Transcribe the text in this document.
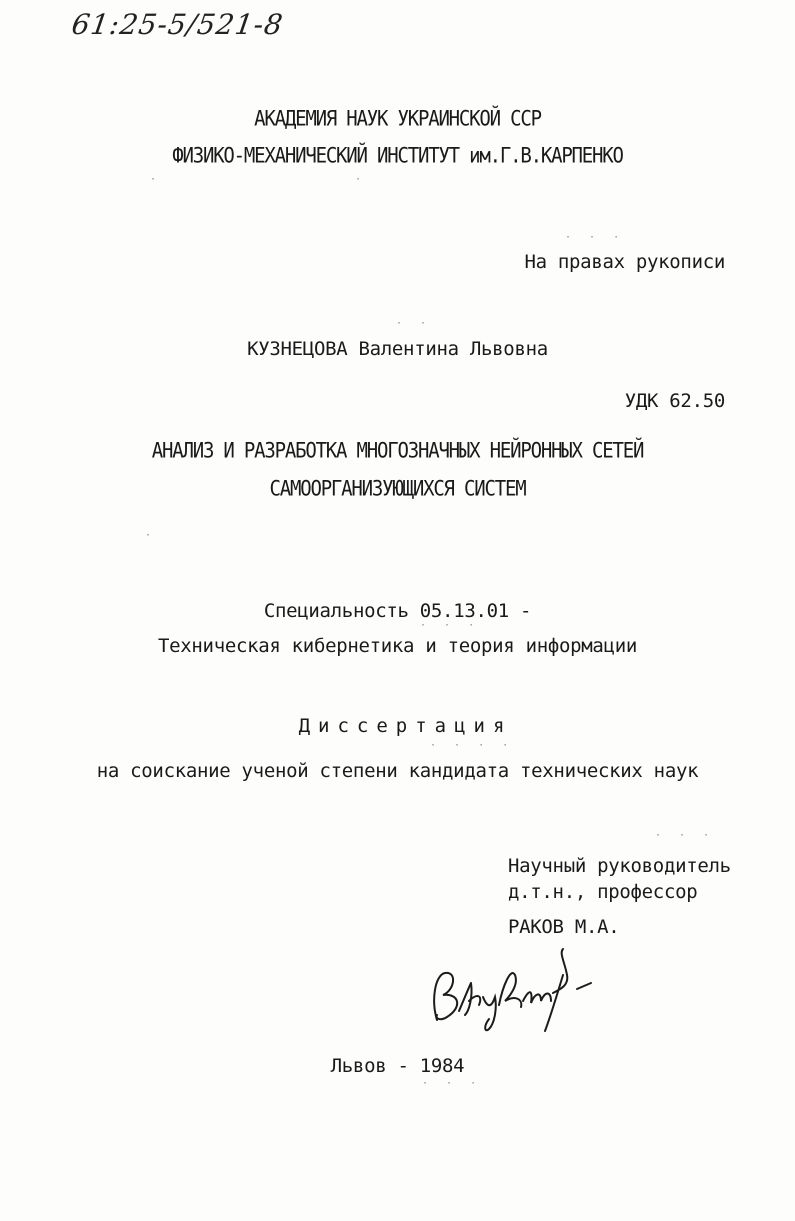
61:25-5/521-8
АКАДЕМИЯ НАУК УКРАИНСКОЙ ССР
ФИЗИКО-МЕХАНИЧЕСКИЙ ИНСТИТУТ им.Г.В.КАРПЕНКО
На правах рукописи
КУЗНЕЦОВА Валентина Львовна
УДК 62.50
АНАЛИЗ И РАЗРАБОТКА МНОГОЗНАЧНЫХ НЕЙРОННЫХ СЕТЕЙ
САМООРГАНИЗУЮЩИХСЯ СИСТЕМ
Специальность 05.13.01 -
Техническая кибернетика и теория информации
Диссертация
на соискание ученой степени кандидата технических наук
Научный руководитель
д.т.н., профессор
РАКОВ М.А.
Львов - 1984
·	·
· · ·
· ·
·
· · ·
· · · ·
· · ·
· · ·
